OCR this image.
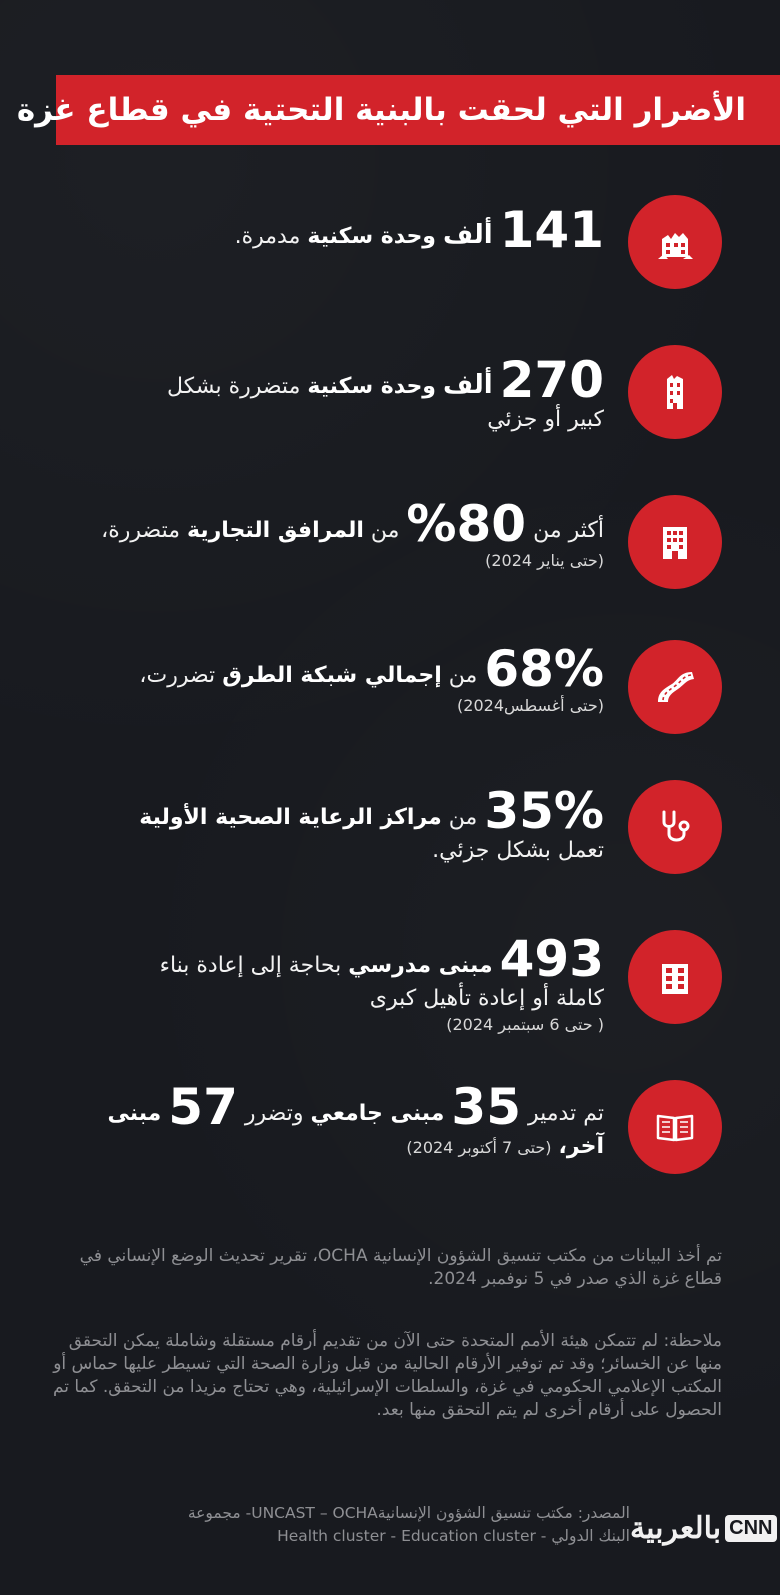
الأضرار التي لحقت بالبنية التحتية في قطاع غزة
141 ألف وحدة سكنية مدمرة.
270 ألف وحدة سكنية متضررة بشكل
كبير أو جزئي
أكثر من 80% من المرافق التجارية متضررة،
(حتى يناير 2024)
68% من إجمالي شبكة الطرق تضررت،
(حتى أغسطس2024)
35% من مراكز الرعاية الصحية الأولية
تعمل بشكل جزئي.
493 مبنى مدرسي بحاجة إلى إعادة بناء
كاملة أو إعادة تأهيل كبرى
( حتى 6 سبتمبر 2024)
تم تدمير 35 مبنى جامعي وتضرر 57 مبنى
آخر، (حتى 7 أكتوبر 2024)

تم أخذ البيانات من مكتب تنسيق الشؤون الإنسانية OCHA، تقرير تحديث الوضع الإنساني في قطاع غزة الذي صدر في 5 نوفمبر 2024.

ملاحظة: لم تتمكن هيئة الأمم المتحدة حتى الآن من تقديم أرقام مستقلة وشاملة يمكن التحقق منها عن الخسائر؛ وقد تم توفير الأرقام الحالية من قبل وزارة الصحة التي تسيطر عليها حماس أو المكتب الإعلامي الحكومي في غزة، والسلطات الإسرائيلية، وهي تحتاج مزيدا من التحقق. كما تم الحصول على أرقام أخرى لم يتم التحقق منها بعد.

المصدر: مكتب تنسيق الشؤون الإنسانيةUNCAST – OCHA- مجموعة
البنك الدولي - Health cluster - Education cluster بالعربية CNN
